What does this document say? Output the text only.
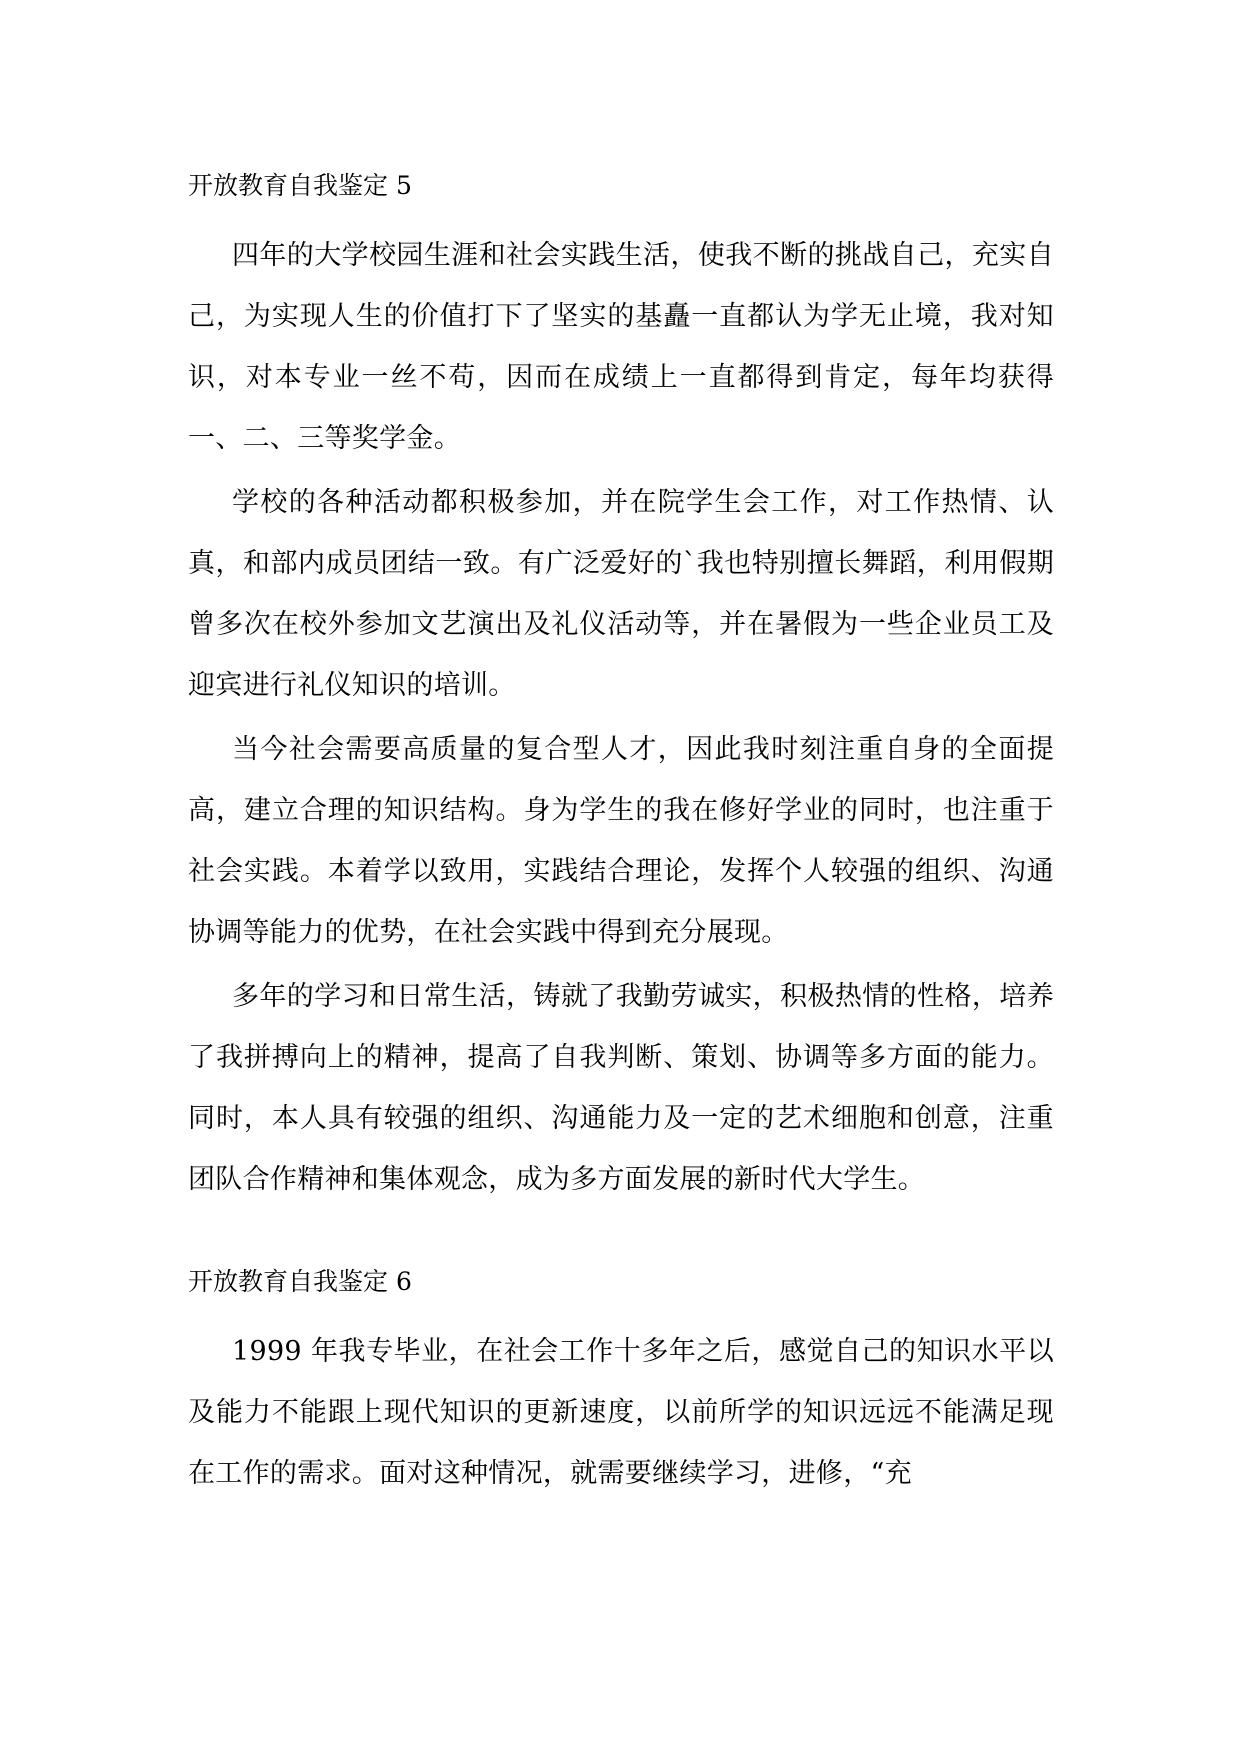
开放教育自我鉴定 5

四年的大学校园生涯和社会实践生活，使我不断的挑战自己，充实自己，为实现人生的价值打下了坚实的基矗一直都认为学无止境，我对知识，对本专业一丝不苟，因而在成绩上一直都得到肯定，每年均获得一、二、三等奖学金。

学校的各种活动都积极参加，并在院学生会工作，对工作热情、认真，和部内成员团结一致。有广泛爱好的`我也特别擅长舞蹈，利用假期曾多次在校外参加文艺演出及礼仪活动等，并在暑假为一些企业员工及迎宾进行礼仪知识的培训。

当今社会需要高质量的复合型人才，因此我时刻注重自身的全面提高，建立合理的知识结构。身为学生的我在修好学业的同时，也注重于社会实践。本着学以致用，实践结合理论，发挥个人较强的组织、沟通协调等能力的优势，在社会实践中得到充分展现。

多年的学习和日常生活，铸就了我勤劳诚实，积极热情的性格，培养了我拼搏向上的精神，提高了自我判断、策划、协调等多方面的能力。同时，本人具有较强的组织、沟通能力及一定的艺术细胞和创意，注重团队合作精神和集体观念，成为多方面发展的新时代大学生。

开放教育自我鉴定 6

1999 年我专毕业，在社会工作十多年之后，感觉自己的知识水平以及能力不能跟上现代知识的更新速度，以前所学的知识远远不能满足现在工作的需求。面对这种情况，就需要继续学习，进修，“充
